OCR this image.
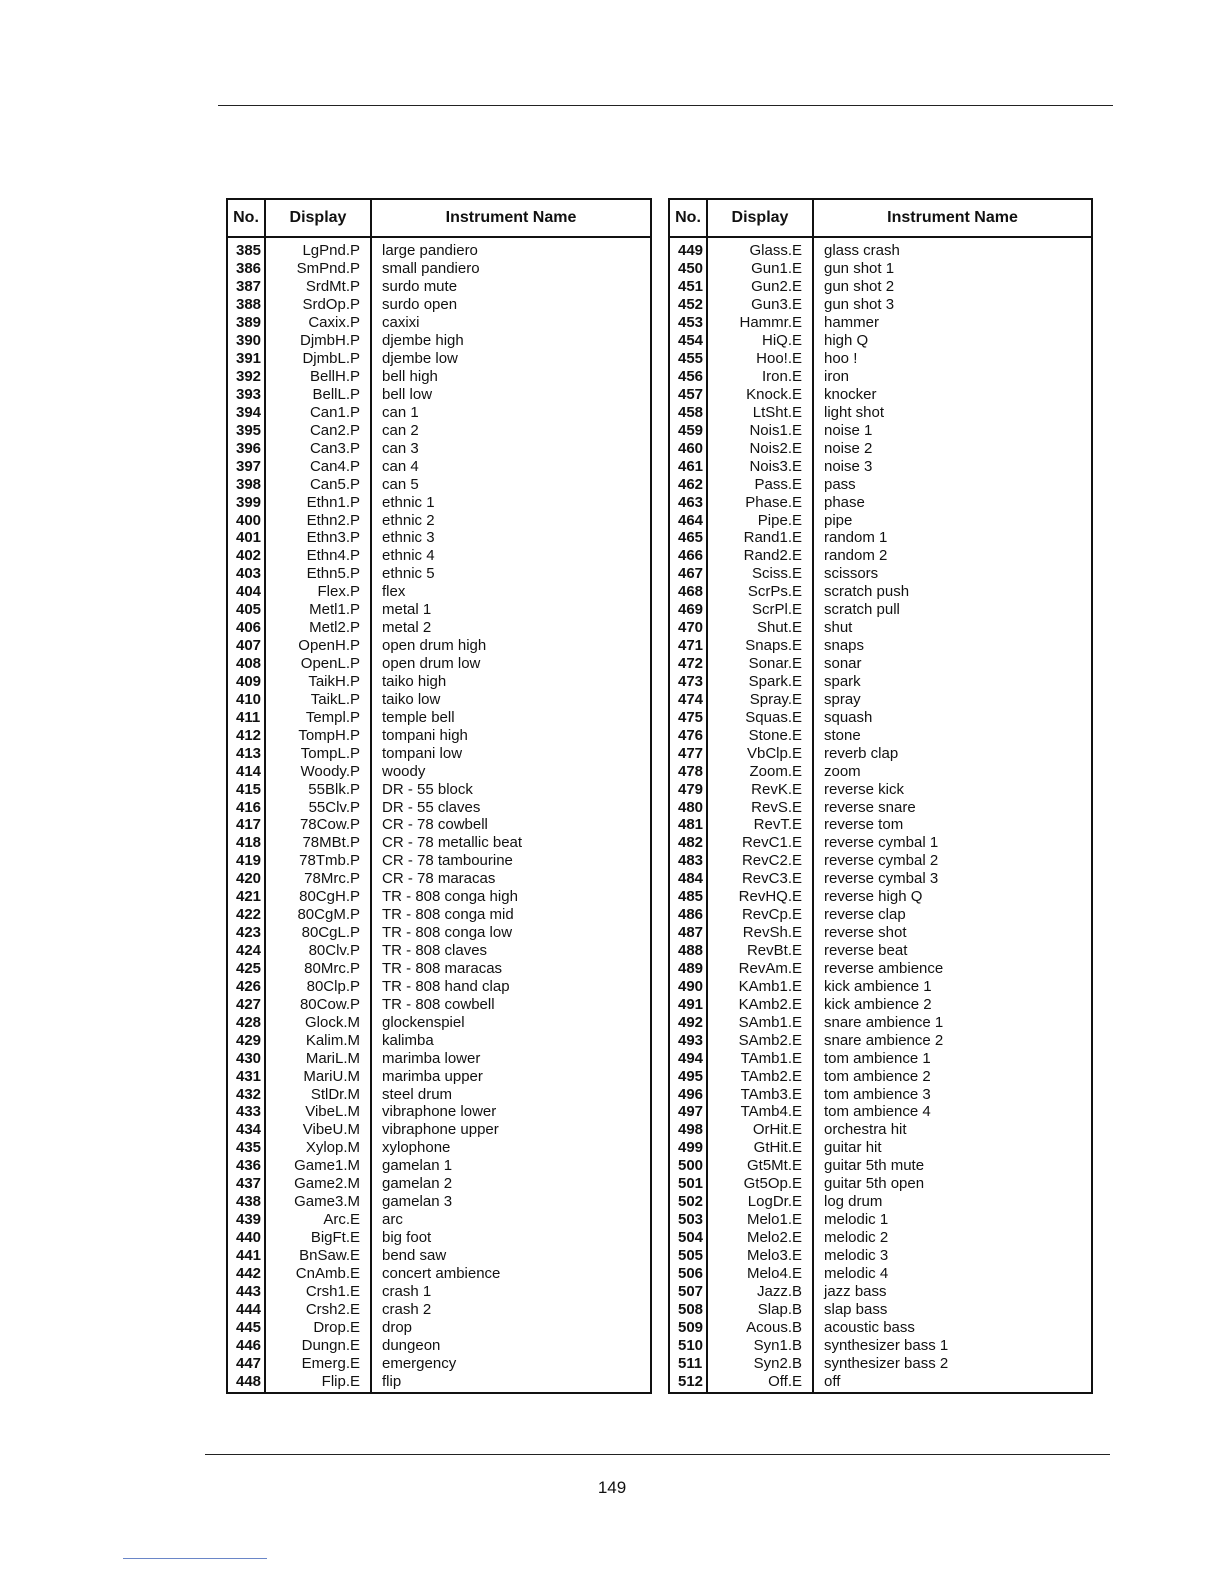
No.	Display	Instrument Name
385	LgPnd.P	large pandiero
386	SmPnd.P	small pandiero
387	SrdMt.P	surdo mute
388	SrdOp.P	surdo open
389	Caxix.P	caxixi
390	DjmbH.P	djembe high
391	DjmbL.P	djembe low
392	BellH.P	bell high
393	BellL.P	bell low
394	Can1.P	can 1
395	Can2.P	can 2
396	Can3.P	can 3
397	Can4.P	can 4
398	Can5.P	can 5
399	Ethn1.P	ethnic 1
400	Ethn2.P	ethnic 2
401	Ethn3.P	ethnic 3
402	Ethn4.P	ethnic 4
403	Ethn5.P	ethnic 5
404	Flex.P	flex
405	Metl1.P	metal 1
406	Metl2.P	metal 2
407	OpenH.P	open drum high
408	OpenL.P	open drum low
409	TaikH.P	taiko high
410	TaikL.P	taiko low
411	Templ.P	temple bell
412	TompH.P	tompani high
413	TompL.P	tompani low
414	Woody.P	woody
415	55Blk.P	DR - 55 block
416	55Clv.P	DR - 55 claves
417	78Cow.P	CR - 78 cowbell
418	78MBt.P	CR - 78 metallic beat
419	78Tmb.P	CR - 78 tambourine
420	78Mrc.P	CR - 78 maracas
421	80CgH.P	TR - 808 conga high
422	80CgM.P	TR - 808 conga mid
423	80CgL.P	TR - 808 conga low
424	80Clv.P	TR - 808 claves
425	80Mrc.P	TR - 808 maracas
426	80Clp.P	TR - 808 hand clap
427	80Cow.P	TR - 808 cowbell
428	Glock.M	glockenspiel
429	Kalim.M	kalimba
430	MariL.M	marimba lower
431	MariU.M	marimba upper
432	StlDr.M	steel drum
433	VibeL.M	vibraphone lower
434	VibeU.M	vibraphone upper
435	Xylop.M	xylophone
436	Game1.M	gamelan 1
437	Game2.M	gamelan 2
438	Game3.M	gamelan 3
439	Arc.E	arc
440	BigFt.E	big foot
441	BnSaw.E	bend saw
442	CnAmb.E	concert ambience
443	Crsh1.E	crash 1
444	Crsh2.E	crash 2
445	Drop.E	drop
446	Dungn.E	dungeon
447	Emerg.E	emergency
448	Flip.E	flip
No.	Display	Instrument Name
449	Glass.E	glass crash
450	Gun1.E	gun shot 1
451	Gun2.E	gun shot 2
452	Gun3.E	gun shot 3
453	Hammr.E	hammer
454	HiQ.E	high Q
455	Hoo!.E	hoo !
456	Iron.E	iron
457	Knock.E	knocker
458	LtSht.E	light shot
459	Nois1.E	noise 1
460	Nois2.E	noise 2
461	Nois3.E	noise 3
462	Pass.E	pass
463	Phase.E	phase
464	Pipe.E	pipe
465	Rand1.E	random 1
466	Rand2.E	random 2
467	Sciss.E	scissors
468	ScrPs.E	scratch push
469	ScrPl.E	scratch pull
470	Shut.E	shut
471	Snaps.E	snaps
472	Sonar.E	sonar
473	Spark.E	spark
474	Spray.E	spray
475	Squas.E	squash
476	Stone.E	stone
477	VbClp.E	reverb clap
478	Zoom.E	zoom
479	RevK.E	reverse kick
480	RevS.E	reverse snare
481	RevT.E	reverse tom
482	RevC1.E	reverse cymbal 1
483	RevC2.E	reverse cymbal 2
484	RevC3.E	reverse cymbal 3
485	RevHQ.E	reverse high Q
486	RevCp.E	reverse clap
487	RevSh.E	reverse shot
488	RevBt.E	reverse beat
489	RevAm.E	reverse ambience
490	KAmb1.E	kick ambience 1
491	KAmb2.E	kick ambience 2
492	SAmb1.E	snare ambience 1
493	SAmb2.E	snare ambience 2
494	TAmb1.E	tom ambience 1
495	TAmb2.E	tom ambience 2
496	TAmb3.E	tom ambience 3
497	TAmb4.E	tom ambience 4
498	OrHit.E	orchestra hit
499	GtHit.E	guitar hit
500	Gt5Mt.E	guitar 5th mute
501	Gt5Op.E	guitar 5th open
502	LogDr.E	log drum
503	Melo1.E	melodic 1
504	Melo2.E	melodic 2
505	Melo3.E	melodic 3
506	Melo4.E	melodic 4
507	Jazz.B	jazz bass
508	Slap.B	slap bass
509	Acous.B	acoustic bass
510	Syn1.B	synthesizer bass 1
511	Syn2.B	synthesizer bass 2
512	Off.E	off
149
